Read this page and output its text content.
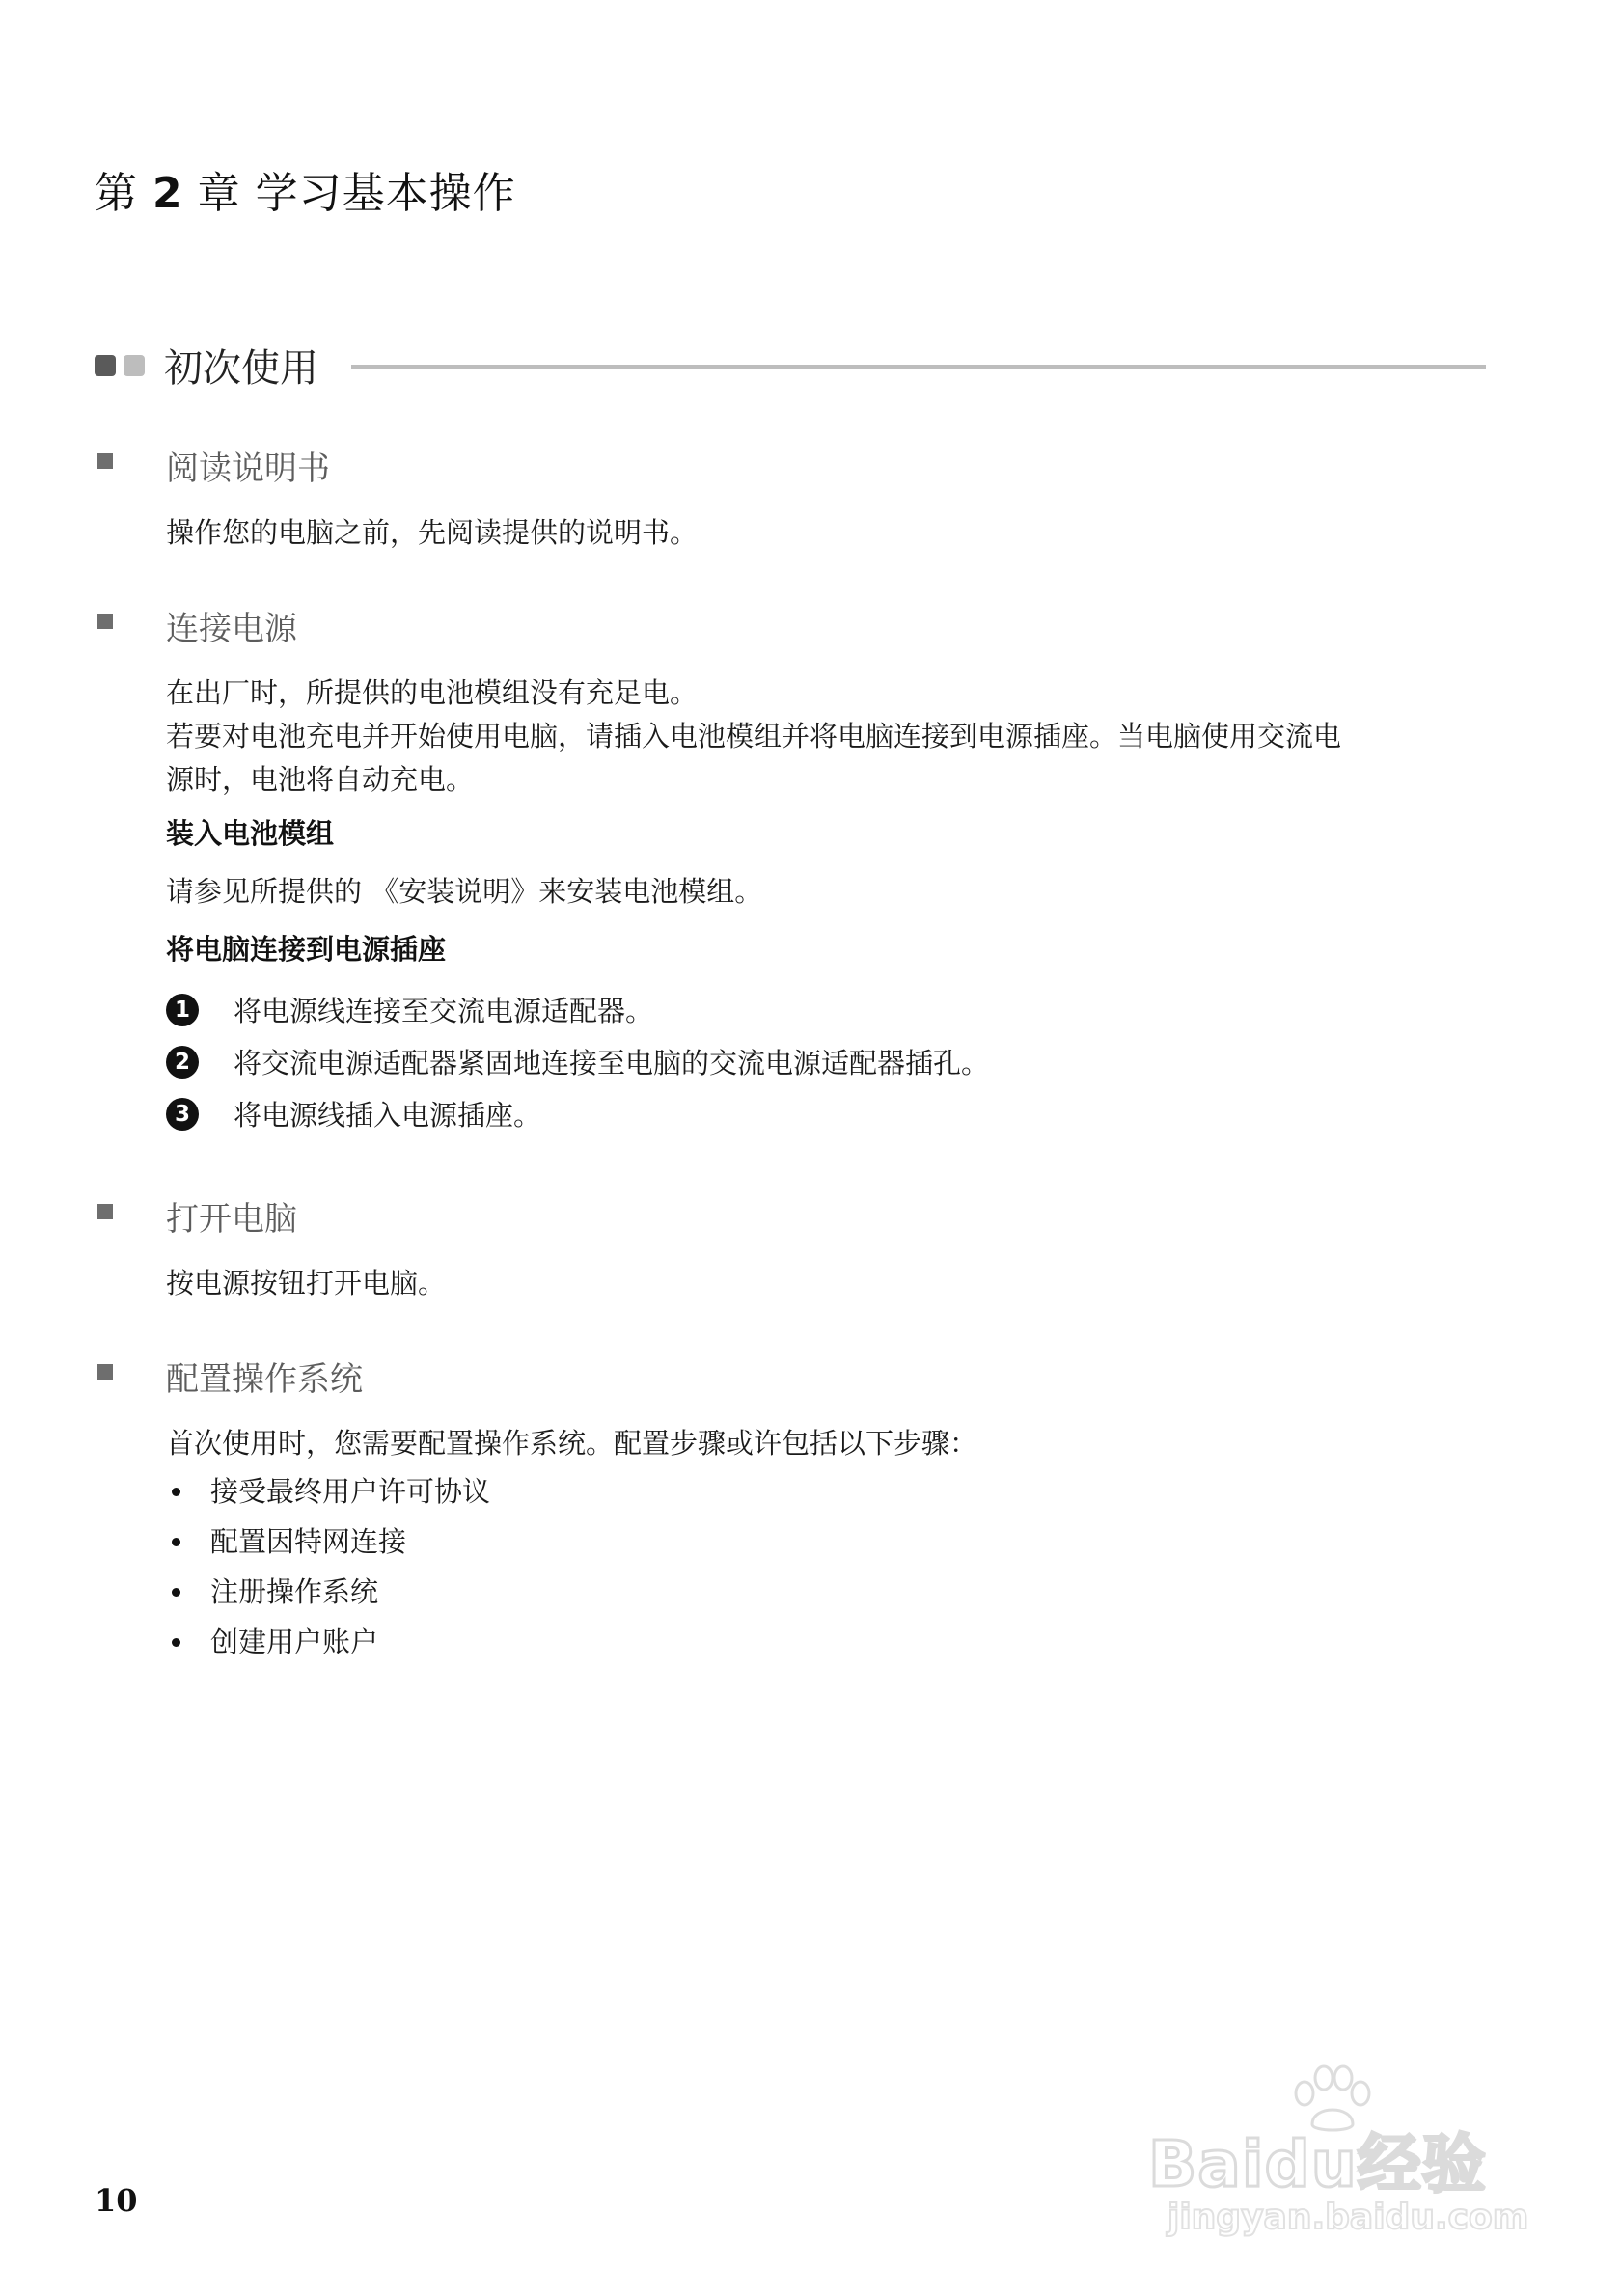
第 2 章 学习基本操作
初次使用
阅读说明书
操作您的电脑之前，先阅读提供的说明书。
连接电源
在出厂时，所提供的电池模组没有充足电。
若要对电池充电并开始使用电脑，请插入电池模组并将电脑连接到电源插座。当电脑使用交流电
源时，电池将自动充电。
装入电池模组
请参见所提供的 《安装说明》来安装电池模组。
将电脑连接到电源插座
1	将电源线连接至交流电源适配器。
2	将交流电源适配器紧固地连接至电脑的交流电源适配器插孔。
3	将电源线插入电源插座。
打开电脑
按电源按钮打开电脑。
配置操作系统
首次使用时，您需要配置操作系统。配置步骤或许包括以下步骤：
接受最终用户许可协议
配置因特网连接
注册操作系统
创建用户账户
10	Baidu经验
jingyan.baidu.com
